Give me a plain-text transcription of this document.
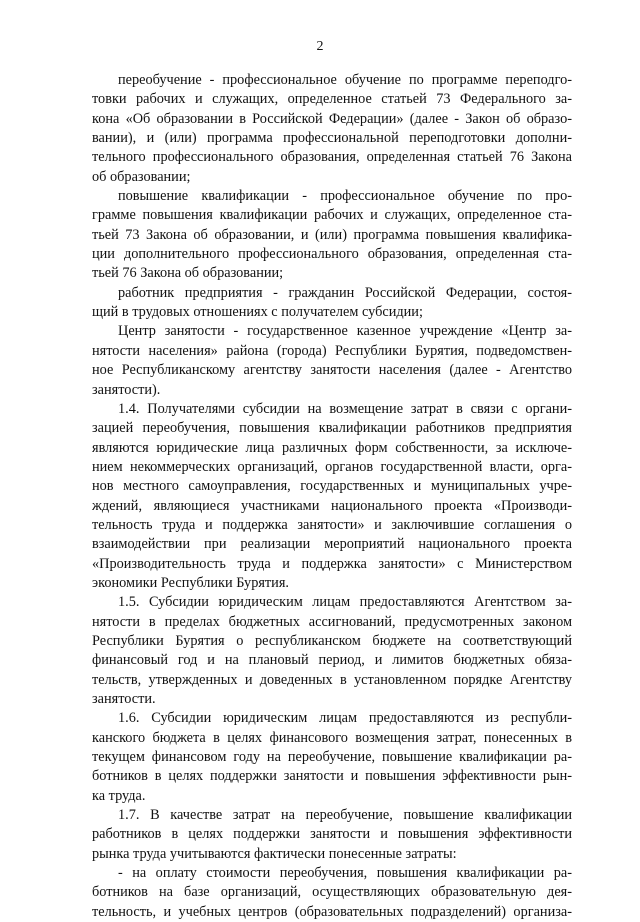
2
переобучение - профессиональное обучение по программе переподго-
товки рабочих и служащих, определенное статьей 73 Федерального за-
кона «Об образовании в Российской Федерации» (далее - Закон об образо-
вании), и (или) программа профессиональной переподготовки дополни-
тельного профессионального образования, определенная статьей 76 Закона
об образовании;
повышение квалификации - профессиональное обучение по про-
грамме повышения квалификации рабочих и служащих, определенное ста-
тьей 73 Закона об образовании, и (или) программа повышения квалифика-
ции дополнительного профессионального образования, определенная ста-
тьей 76 Закона об образовании;
работник предприятия - гражданин Российской Федерации, состоя-
щий в трудовых отношениях с получателем субсидии;
Центр занятости - государственное казенное учреждение «Центр за-
нятости населения» района (города) Республики Бурятия, подведомствен-
ное Республиканскому агентству занятости населения (далее - Агентство
занятости).
1.4. Получателями субсидии на возмещение затрат в связи с органи-
зацией переобучения, повышения квалификации работников предприятия
являются юридические лица различных форм собственности, за исключе-
нием некоммерческих организаций, органов государственной власти, орга-
нов местного самоуправления, государственных и муниципальных учре-
ждений, являющиеся участниками национального проекта «Производи-
тельность труда и поддержка занятости» и заключившие соглашения о
взаимодействии при реализации мероприятий национального проекта
«Производительность труда и поддержка занятости» с Министерством
экономики Республики Бурятия.
1.5. Субсидии юридическим лицам предоставляются Агентством за-
нятости в пределах бюджетных ассигнований, предусмотренных законом
Республики Бурятия о республиканском бюджете на соответствующий
финансовый год и на плановый период, и лимитов бюджетных обяза-
тельств, утвержденных и доведенных в установленном порядке Агентству
занятости.
1.6. Субсидии юридическим лицам предоставляются из республи-
канского бюджета в целях финансового возмещения затрат, понесенных в
текущем финансовом году на переобучение, повышение квалификации ра-
ботников в целях поддержки занятости и повышения эффективности рын-
ка труда.
1.7. В качестве затрат на переобучение, повышение квалификации
работников в целях поддержки занятости и повышения эффективности
рынка труда учитываются фактически понесенные затраты:
- на оплату стоимости переобучения, повышения квалификации ра-
ботников на базе организаций, осуществляющих образовательную дея-
тельность, и учебных центров (образовательных подразделений) организа-
